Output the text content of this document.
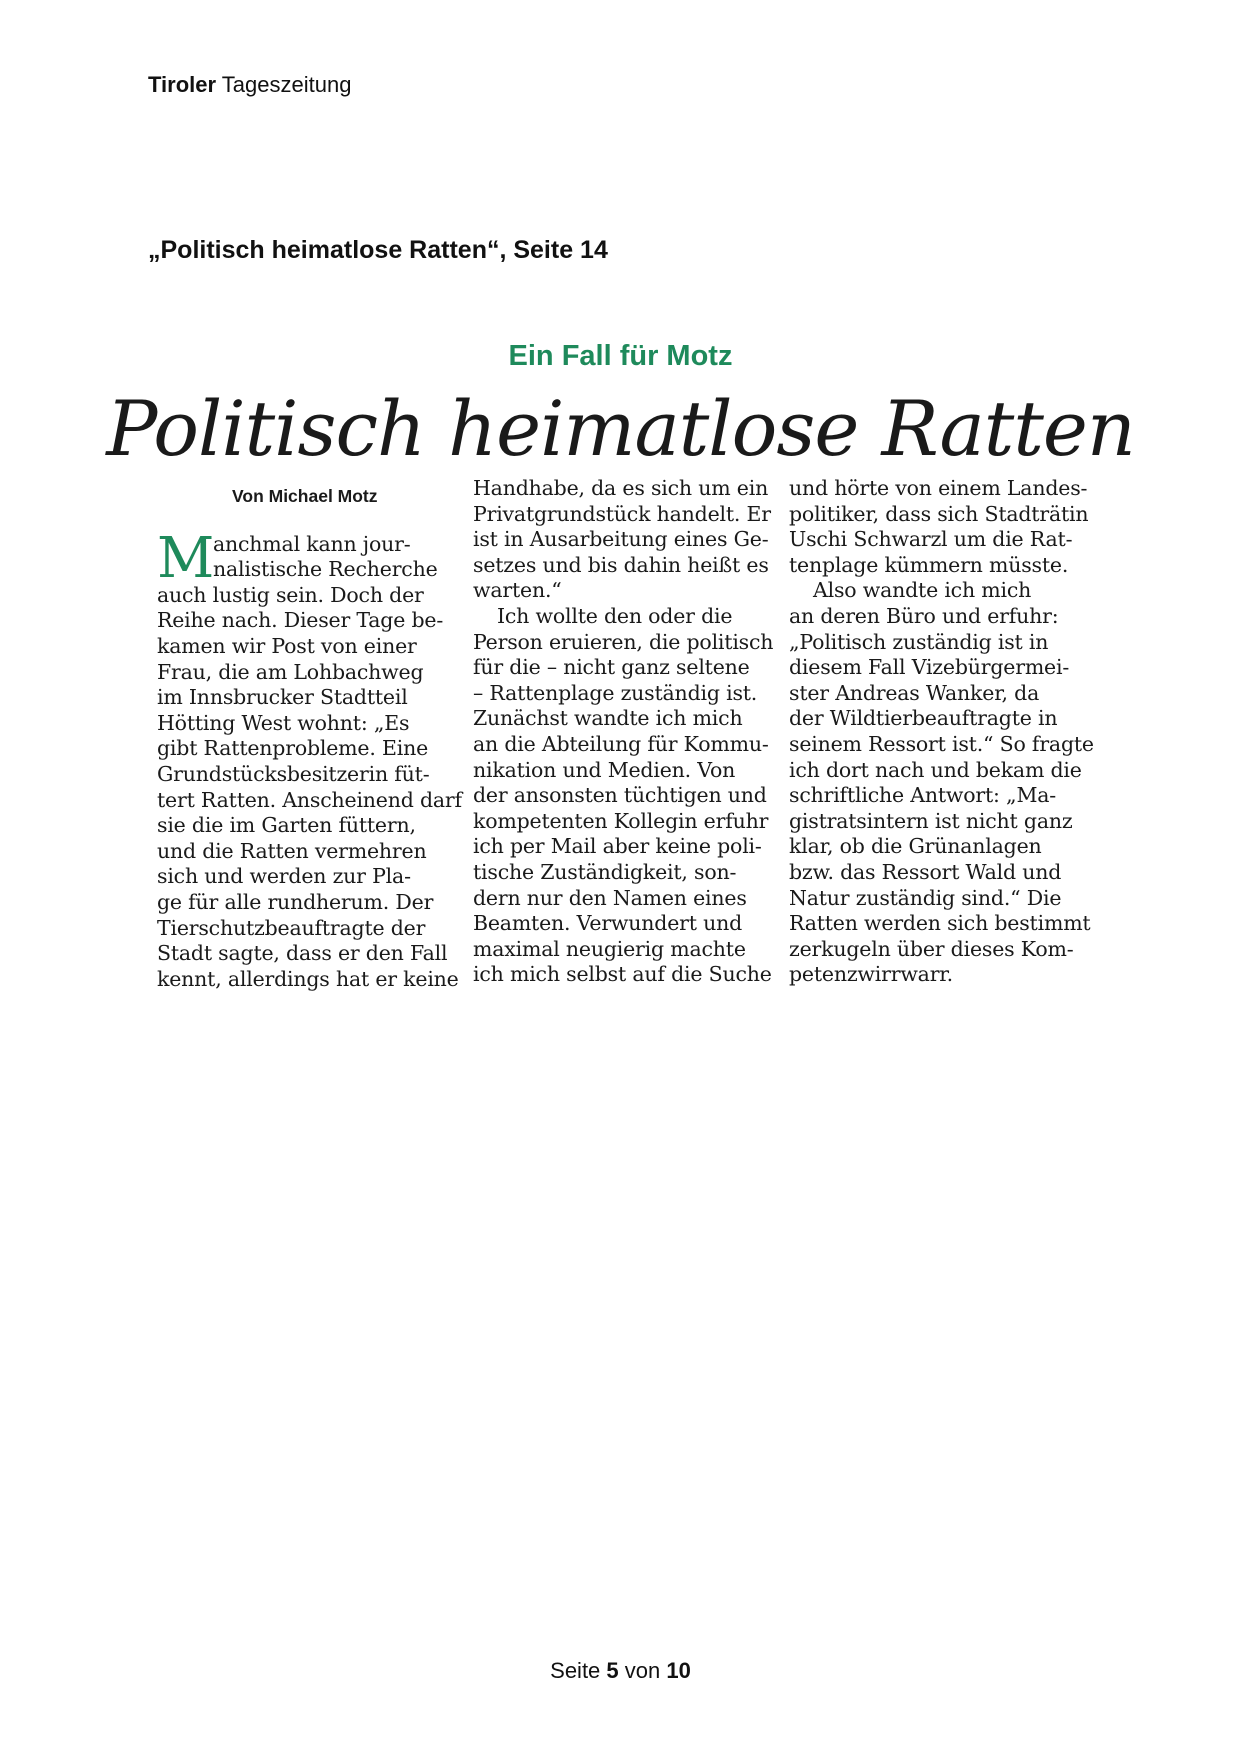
Tiroler Tageszeitung
„Politisch heimatlose Ratten“, Seite 14
Ein Fall für Motz
Politisch heimatlose Ratten
Von Michael Motz
M
anchmal kann jour-
nalistische Recherche
auch lustig sein. Doch der
Reihe nach. Dieser Tage be-
kamen wir Post von einer
Frau, die am Lohbachweg
im Innsbrucker Stadtteil
Hötting West wohnt: „Es
gibt Rattenprobleme. Eine
Grundstücksbesitzerin füt-
tert Ratten. Anscheinend darf
sie die im Garten füttern,
und die Ratten vermehren
sich und werden zur Pla-
ge für alle rundherum. Der
Tierschutzbeauftragte der
Stadt sagte, dass er den Fall
kennt, allerdings hat er keine
Handhabe, da es sich um ein
Privatgrundstück handelt. Er
ist in Ausarbeitung eines Ge-
setzes und bis dahin heißt es
warten.“
Ich wollte den oder die
Person eruieren, die politisch
für die – nicht ganz seltene
– Rattenplage zuständig ist.
Zunächst wandte ich mich
an die Abteilung für Kommu-
nikation und Medien. Von
der ansonsten tüchtigen und
kompetenten Kollegin erfuhr
ich per Mail aber keine poli-
tische Zuständigkeit, son-
dern nur den Namen eines
Beamten. Verwundert und
maximal neugierig machte
ich mich selbst auf die Suche
und hörte von einem Landes-
politiker, dass sich Stadträtin
Uschi Schwarzl um die Rat-
tenplage kümmern müsste.
Also wandte ich mich
an deren Büro und erfuhr:
„Politisch zuständig ist in
diesem Fall Vizebürgermei-
ster Andreas Wanker, da
der Wildtierbeauftragte in
seinem Ressort ist.“ So fragte
ich dort nach und bekam die
schriftliche Antwort: „Ma-
gistratsintern ist nicht ganz
klar, ob die Grünanlagen
bzw. das Ressort Wald und
Natur zuständig sind.“ Die
Ratten werden sich bestimmt
zerkugeln über dieses Kom-
petenzwirrwarr.
Seite 5 von 10
